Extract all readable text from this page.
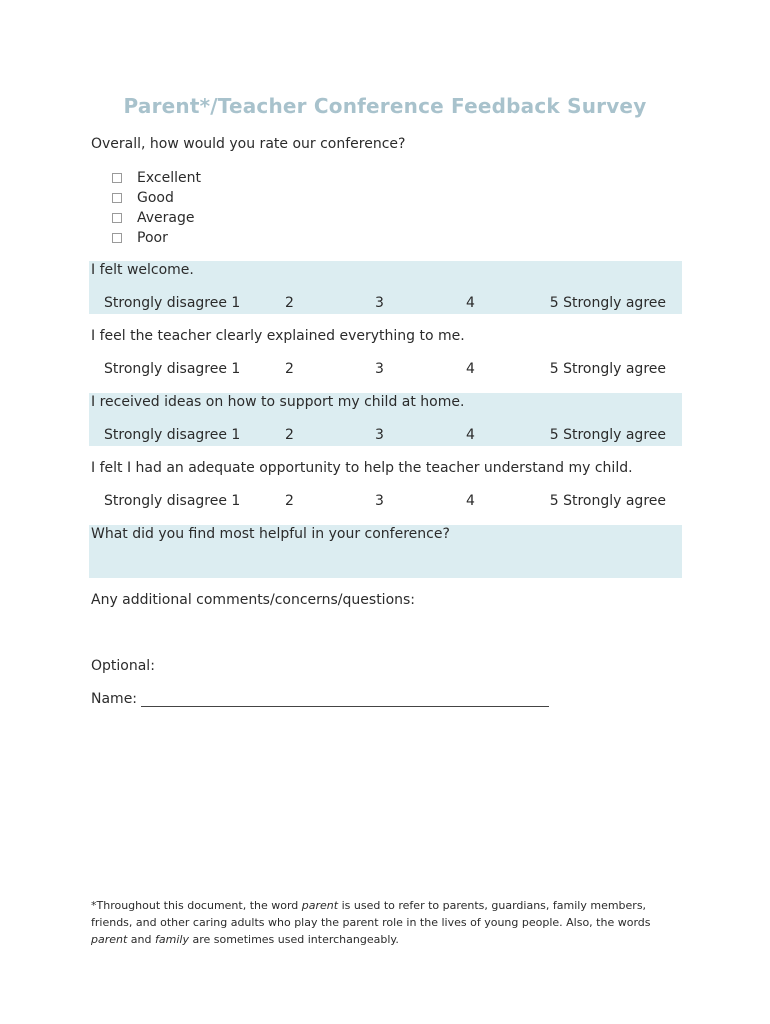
Parent*/Teacher Conference Feedback Survey
Overall, how would you rate our conference?
Excellent
Good
Average
Poor
I felt welcome.
Strongly disagree 1	2	3	4	5 Strongly agree
I feel the teacher clearly explained everything to me.
Strongly disagree 1	2	3	4	5 Strongly agree
I received ideas on how to support my child at home.
Strongly disagree 1	2	3	4	5 Strongly agree
I felt I had an adequate opportunity to help the teacher understand my child.
Strongly disagree 1	2	3	4	5 Strongly agree
What did you find most helpful in your conference?
Any additional comments/concerns/questions:
Optional:
Name:
*Throughout this document, the word parent is used to refer to parents, guardians, family members, friends, and other caring adults who play the parent role in the lives of young people. Also, the words parent and family are sometimes used interchangeably.
